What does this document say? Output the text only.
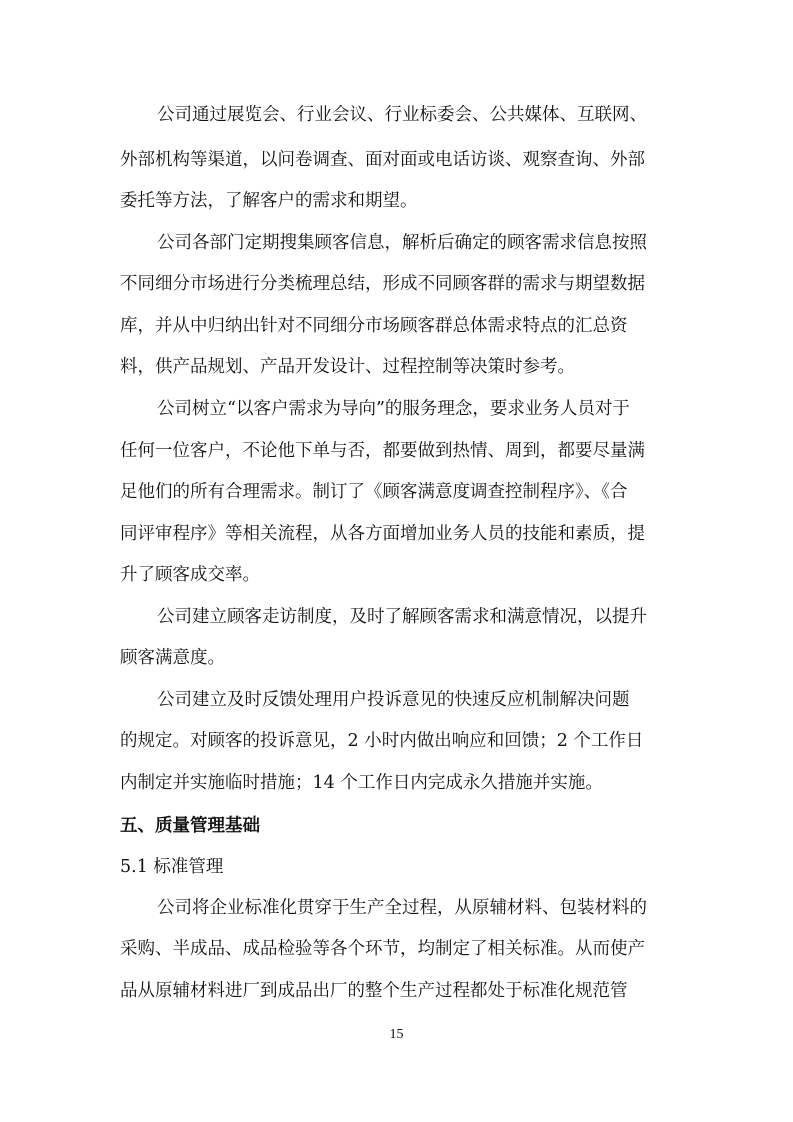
公司通过展览会、行业会议、行业标委会、公共媒体、互联网、

外部机构等渠道，以问卷调查、面对面或电话访谈、观察查询、外部

委托等方法，了解客户的需求和期望。

公司各部门定期搜集顾客信息，解析后确定的顾客需求信息按照

不同细分市场进行分类梳理总结，形成不同顾客群的需求与期望数据

库，并从中归纳出针对不同细分市场顾客群总体需求特点的汇总资

料，供产品规划、产品开发设计、过程控制等决策时参考。

公司树立“以客户需求为导向”的服务理念，要求业务人员对于

任何一位客户，不论他下单与否，都要做到热情、周到，都要尽量满

足他们的所有合理需求。制订了《顾客满意度调查控制程序》、《合

同评审程序》等相关流程，从各方面增加业务人员的技能和素质，提

升了顾客成交率。

公司建立顾客走访制度，及时了解顾客需求和满意情况，以提升

顾客满意度。

公司建立及时反馈处理用户投诉意见的快速反应机制解决问题

的规定。对顾客的投诉意见，2 小时内做出响应和回馈；2 个工作日

内制定并实施临时措施；14 个工作日内完成永久措施并实施。

五、质量管理基础

5.1 标准管理

公司将企业标准化贯穿于生产全过程，从原辅材料、包装材料的

采购、半成品、成品检验等各个环节，均制定了相关标准。从而使产

品从原辅材料进厂到成品出厂的整个生产过程都处于标准化规范管

15
